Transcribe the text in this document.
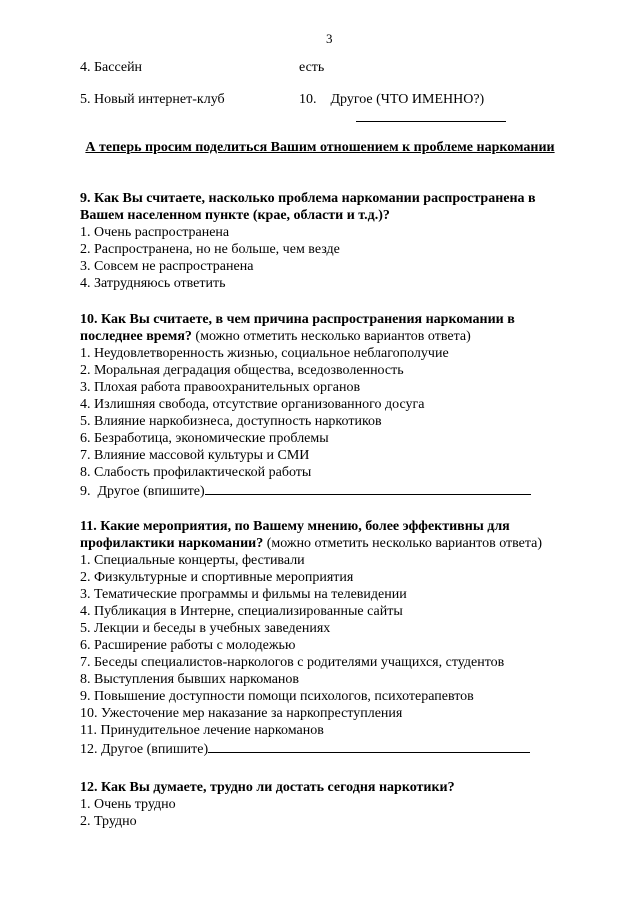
3
4. Бассейн	есть
5. Новый интернет-клуб	10.    Другое (ЧТО ИМЕННО?)
А теперь просим поделиться Вашим отношением к проблеме наркомании
9. Как Вы считаете, насколько проблема наркомании распространена в Вашем населенном пункте (крае, области и т.д.)?
1. Очень распространена
2. Распространена, но не больше, чем везде
3. Совсем не распространена
4. Затрудняюсь ответить
10. Как Вы считаете, в чем причина распространения наркомании в последнее время? (можно отметить несколько вариантов ответа)
1. Неудовлетворенность жизнью, социальное неблагополучие
2. Моральная деградация общества, вседозволенность
3. Плохая работа правоохранительных органов
4. Излишняя свобода, отсутствие организованного досуга
5. Влияние наркобизнеса, доступность наркотиков
6. Безработица, экономические проблемы
7. Влияние массовой культуры и СМИ
8. Слабость профилактической работы
9.  Другое (впишите)
11. Какие мероприятия, по Вашему мнению, более эффективны для профилактики наркомании? (можно отметить несколько вариантов ответа)
1. Специальные концерты, фестивали
2. Физкультурные и спортивные мероприятия
3. Тематические программы и фильмы на телевидении
4. Публикация в Интерне, специализированные сайты
5. Лекции и беседы в учебных заведениях
6. Расширение работы с молодежью
7. Беседы специалистов-наркологов с родителями учащихся, студентов
8. Выступления бывших наркоманов
9. Повышение доступности помощи психологов, психотерапевтов
10. Ужесточение мер наказание за наркопреступления
11. Принудительное лечение наркоманов
12. Другое (впишите)
12. Как Вы думаете, трудно ли достать сегодня наркотики?
1. Очень трудно
2. Трудно
